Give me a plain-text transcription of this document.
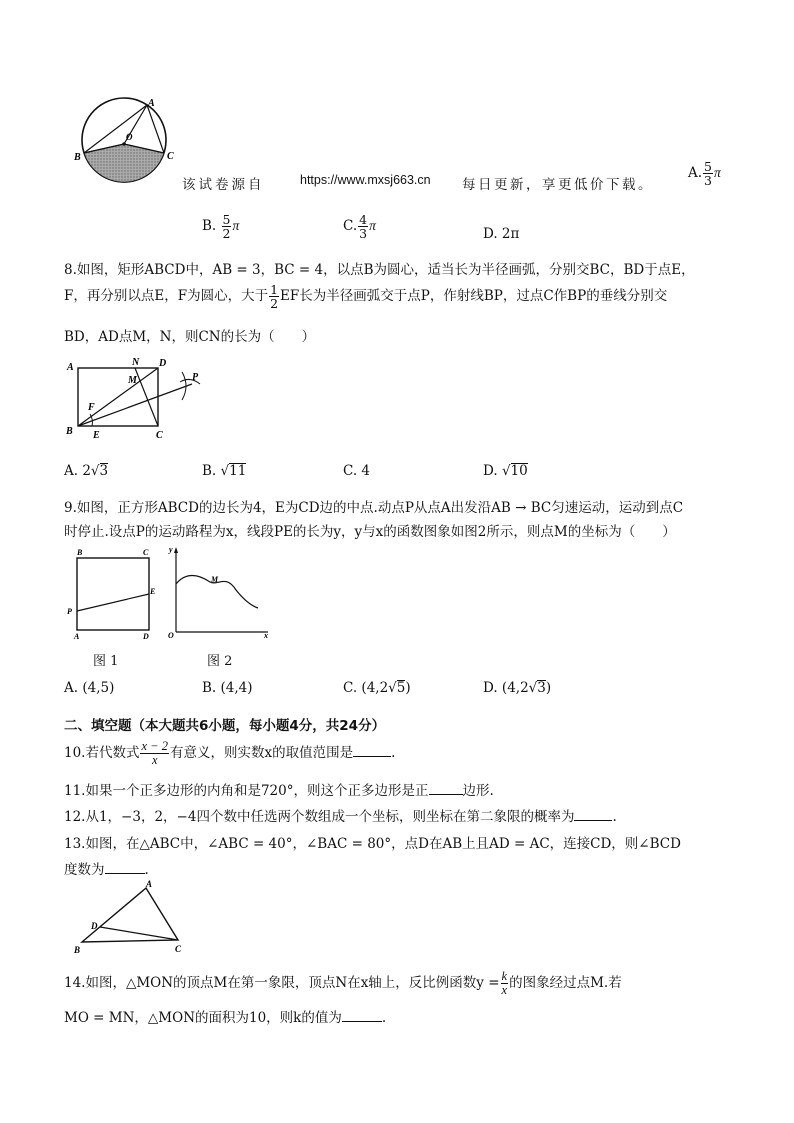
A
B	C
O
该试卷源自	https://www.mxsj663.cn 每日更新，享更低价下载。
A. $\frac{5}{3}$ π
B. $\frac{5}{2}$ π	C. $\frac{4}{3}$ π
D. 2π
8.如图，矩形ABCD中，AB = 3，BC = 4，以点B为圆心，适当长为半径画弧，分别交BC，BD于点E，
F，再分别以点E，F为圆心，大于 $\frac{1}{2}$ EF长为半径画弧交于点P，作射线BP，过点C作BP的垂线分别交
BD，AD点M，N，则CN的长为（　　）
A
B	C
D
N
M
F
E
P
A. 2√3	B. √11	C. 4	D. √10
9.如图，正方形ABCD的边长为4，E为CD边的中点.动点P从点A出发沿AB → BC匀速运动，运动到点C
时停止.设点P的运动路程为x，线段PE的长为y，y与x的函数图象如图2所示，则点M的坐标为（　　）
B	C
P
E
A	D
图 1
y
M
O	x
图 2
A. (4,5)	B. (4,4)	C. (4,2√5)	D. (4,2√3)
二、填空题（本大题共6小题，每小题4分，共24分）
10.若代数式 $\frac{x - 2}{x}$ 有意义，则实数x的取值范围是	.
11.如果一个正多边形的内角和是720°，则这个正多边形是正	边形.
12.从1，−3，2，−4四个数中任选两个数组成一个坐标，则坐标在第二象限的概率为	.
13.如图，在△ABC中，∠ABC = 40°，∠BAC = 80°，点D在AB上且AD = AC，连接CD，则∠BCD
度数为	.
A
D
B	C
14.如图，△MON的顶点M在第一象限，顶点N在x轴上，反比例函数$y = \frac{k}{x}$ 的图象经过点M.若
MO = MN，△MON的面积为10，则k的值为	.
